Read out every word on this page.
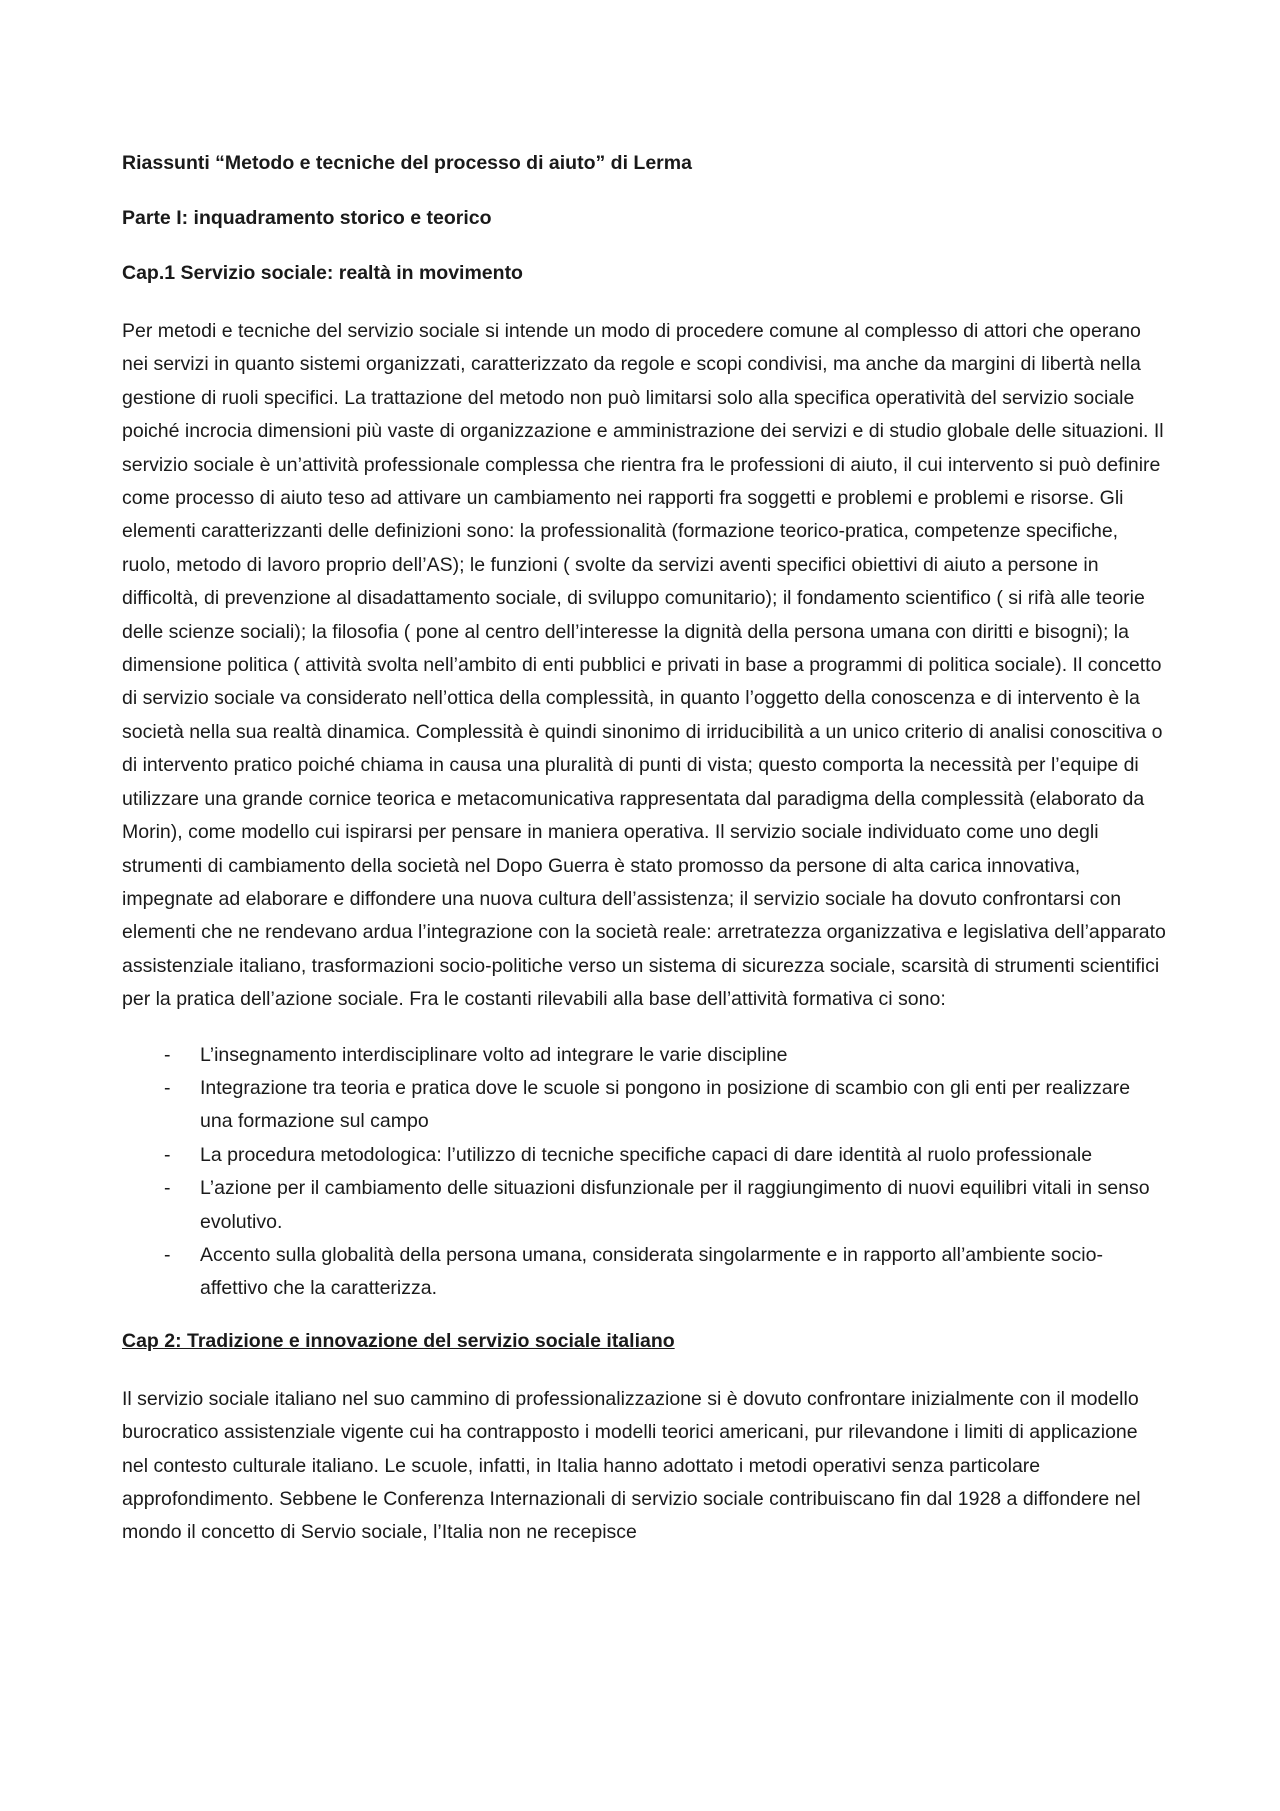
Riassunti “Metodo e tecniche del processo di aiuto” di Lerma
Parte I: inquadramento storico e teorico
Cap.1 Servizio sociale: realtà in movimento

Per metodi e tecniche del servizio sociale si intende un modo di procedere comune al complesso di attori che operano nei servizi in quanto sistemi organizzati, caratterizzato da regole e scopi condivisi, ma anche da margini di libertà nella gestione di ruoli specifici. La trattazione del metodo non può limitarsi solo alla specifica operatività del servizio sociale poiché incrocia dimensioni più vaste di organizzazione e amministrazione dei servizi e di studio globale delle situazioni. Il servizio sociale è un’attività professionale complessa che rientra fra le professioni di aiuto, il cui intervento si può definire come processo di aiuto teso ad attivare un cambiamento nei rapporti fra soggetti e problemi e problemi e risorse. Gli elementi caratterizzanti delle definizioni sono: la professionalità (formazione teorico-pratica, competenze specifiche, ruolo, metodo di lavoro proprio dell’AS); le funzioni ( svolte da servizi aventi specifici obiettivi di aiuto a persone in difficoltà, di prevenzione al disadattamento sociale, di sviluppo comunitario); il fondamento scientifico ( si rifà alle teorie delle scienze sociali); la filosofia ( pone al centro dell’interesse la dignità della persona umana con diritti e bisogni); la dimensione politica ( attività svolta nell’ambito di enti pubblici e privati in base a programmi di politica sociale). Il concetto di servizio sociale va considerato nell’ottica della complessità, in quanto l’oggetto della conoscenza e di intervento è la società nella sua realtà dinamica. Complessità è quindi sinonimo di irriducibilità a un unico criterio di analisi conoscitiva o di intervento pratico poiché chiama in causa una pluralità di punti di vista; questo comporta la necessità per l’equipe di utilizzare una grande cornice teorica e metacomunicativa rappresentata dal paradigma della complessità (elaborato da Morin), come modello cui ispirarsi per pensare in maniera operativa. Il servizio sociale individuato come uno degli strumenti di cambiamento della società nel Dopo Guerra è stato promosso da persone di alta carica innovativa, impegnate ad elaborare e diffondere una nuova cultura dell’assistenza; il servizio sociale ha dovuto confrontarsi con elementi che ne rendevano ardua l’integrazione con la società reale: arretratezza organizzativa e legislativa dell’apparato assistenziale italiano, trasformazioni socio-politiche verso un sistema di sicurezza sociale, scarsità di strumenti scientifici per la pratica dell’azione sociale. Fra le costanti rilevabili alla base dell’attività formativa ci sono:

- L’insegnamento interdisciplinare volto ad integrare le varie discipline
- Integrazione tra teoria e pratica dove le scuole si pongono in posizione di scambio con gli enti per realizzare una formazione sul campo
- La procedura metodologica: l’utilizzo di tecniche specifiche capaci di dare identità al ruolo professionale
- L’azione per il cambiamento delle situazioni disfunzionale per il raggiungimento di nuovi equilibri vitali in senso evolutivo.
- Accento sulla globalità della persona umana, considerata singolarmente e in rapporto all’ambiente socio-affettivo che la caratterizza.
Cap 2: Tradizione e innovazione del servizio sociale italiano

Il servizio sociale italiano nel suo cammino di professionalizzazione si è dovuto confrontare inizialmente con il modello burocratico assistenziale vigente cui ha contrapposto i modelli teorici americani, pur rilevandone i limiti di applicazione nel contesto culturale italiano. Le scuole, infatti, in Italia hanno adottato i metodi operativi senza particolare approfondimento. Sebbene le Conferenza Internazionali di servizio sociale contribuiscano fin dal 1928 a diffondere nel mondo il concetto di Servio sociale, l’Italia non ne recepisce
